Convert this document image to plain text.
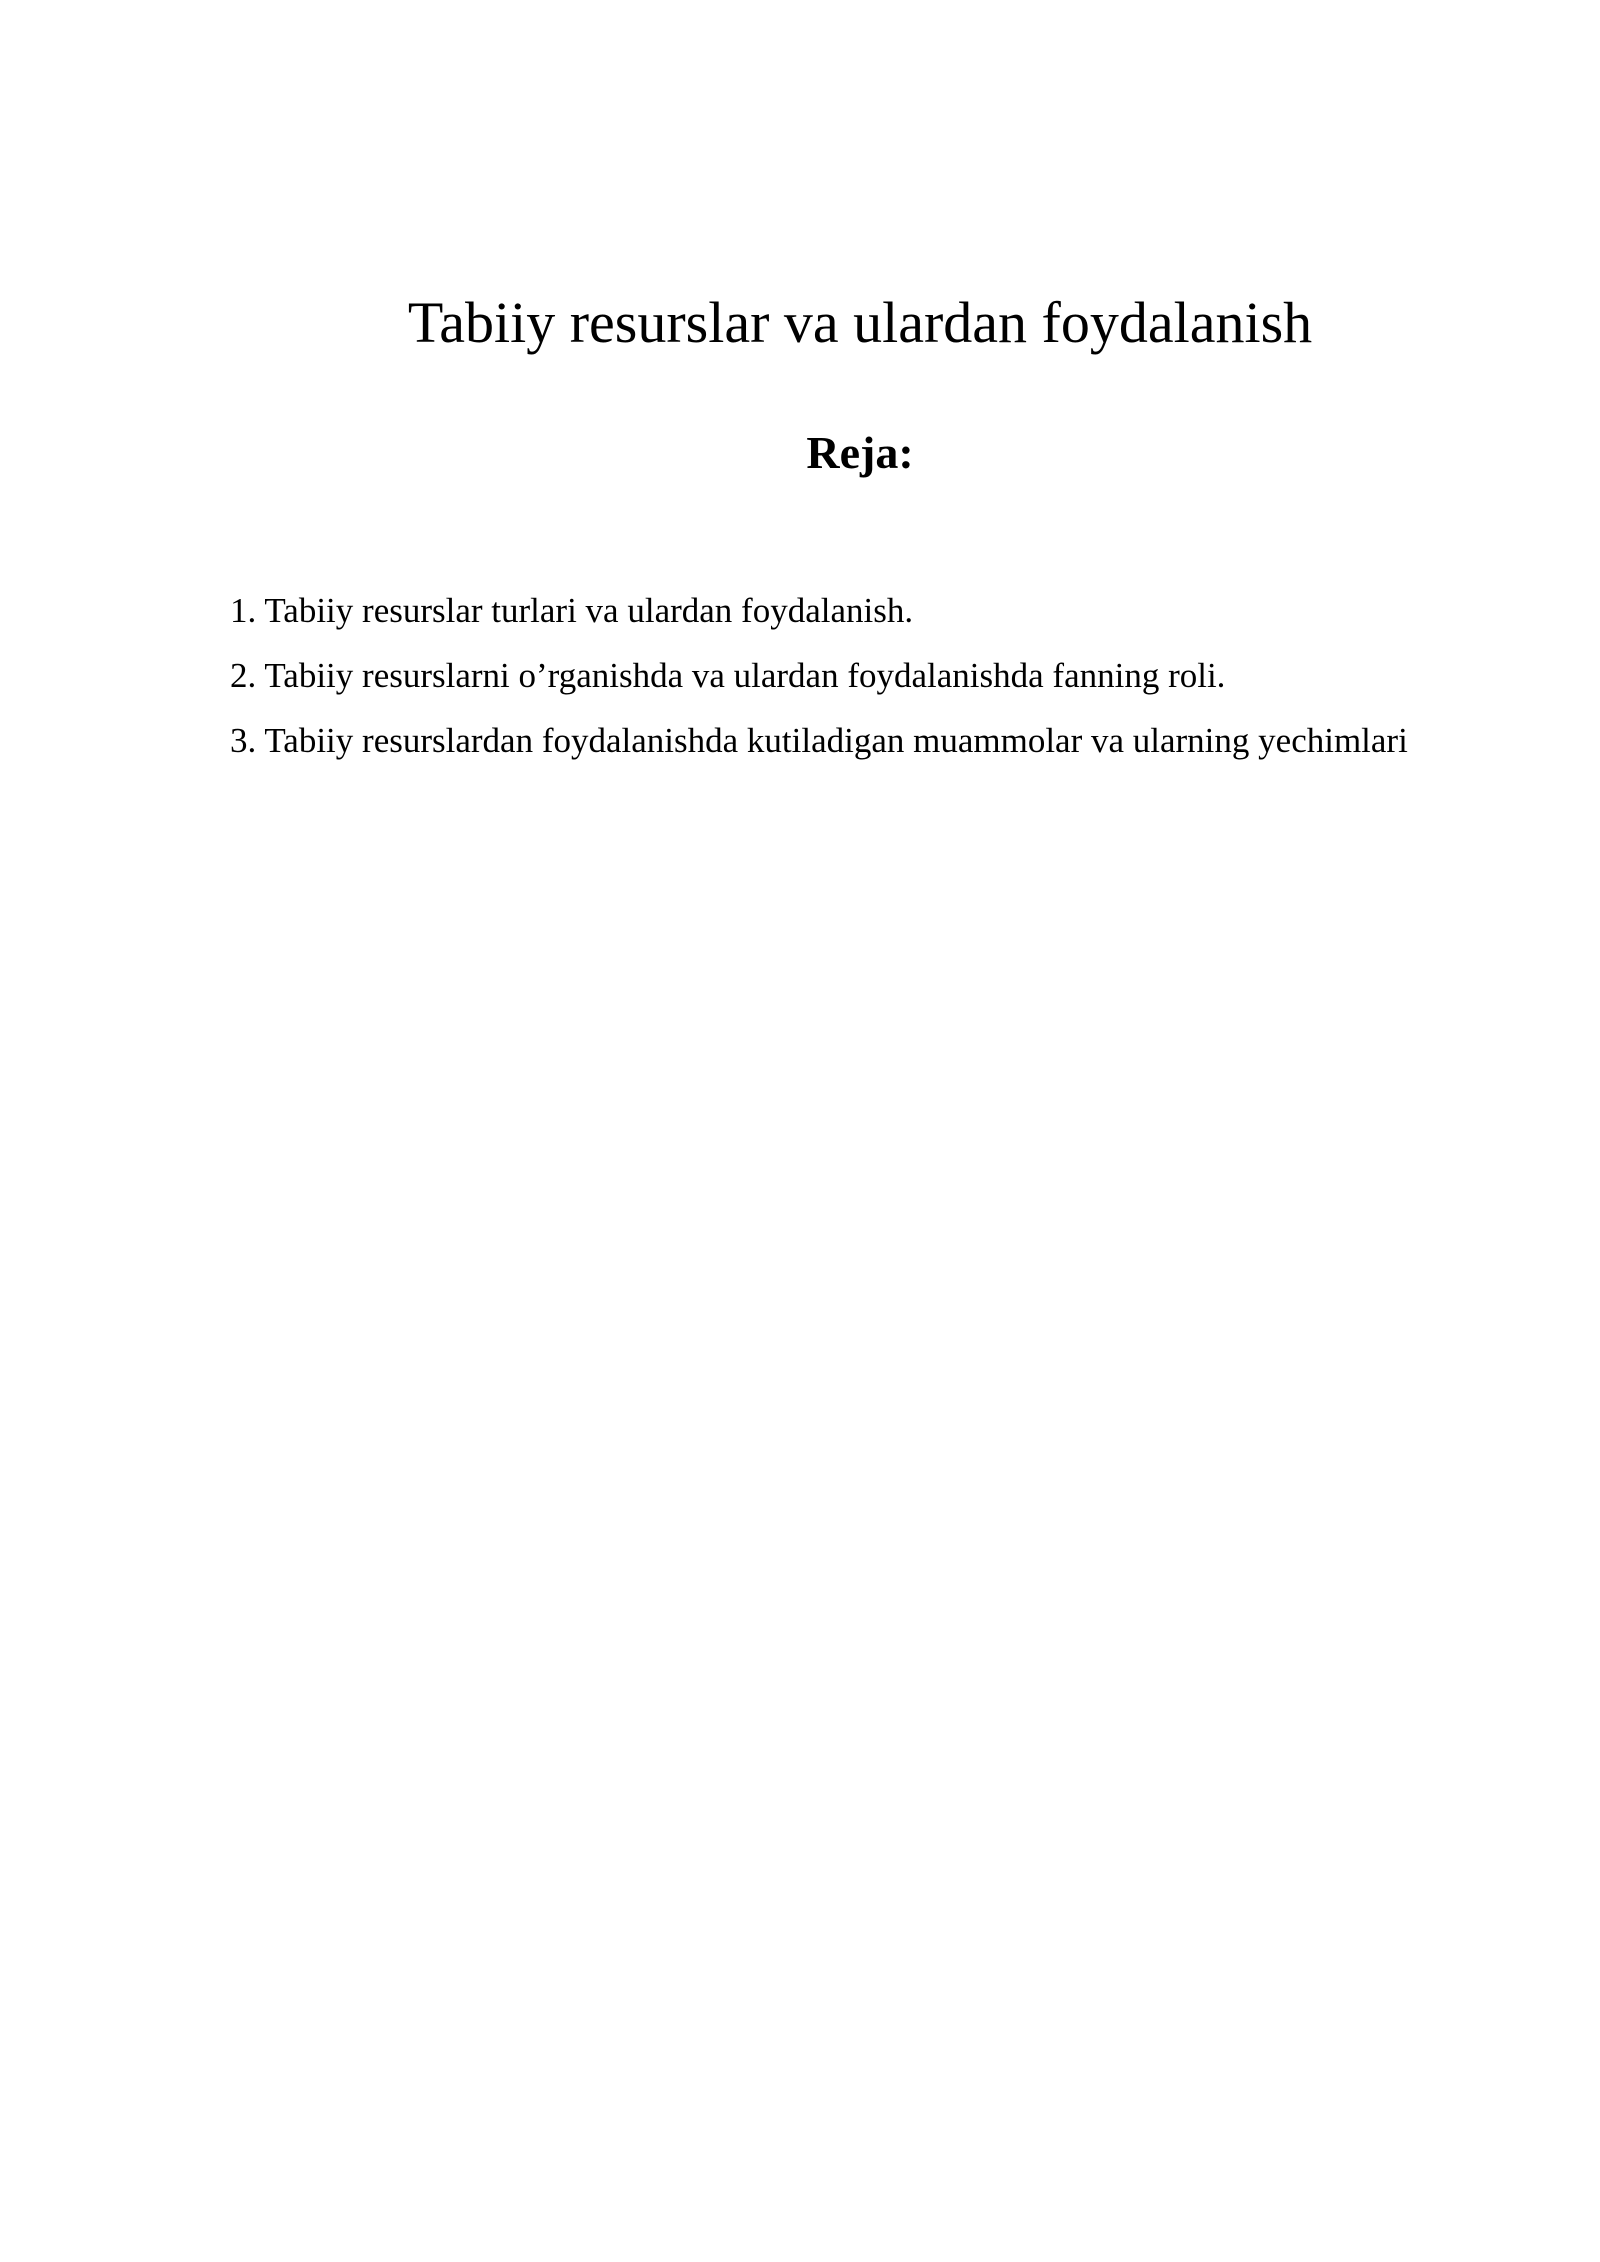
Tabiiy resurslar va ulardan foydalanish
Reja:
1. Tabiiy resurslar turlari va ulardan foydalanish.
2. Tabiiy resurslarni o’rganishda va ulardan foydalanishda fanning roli.
3. Tabiiy resurslardan foydalanishda kutiladigan muammolar va ularning yechimlari
